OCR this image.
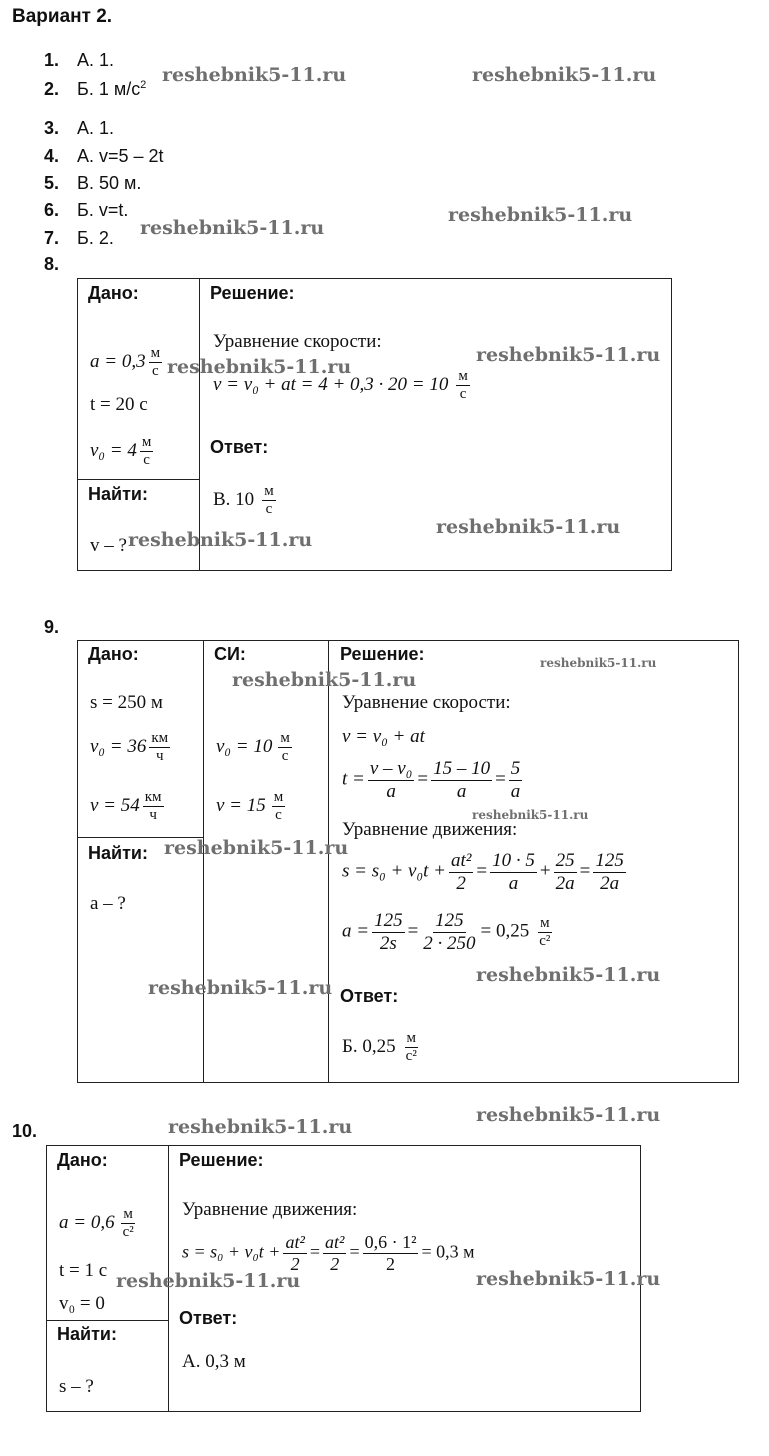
Вариант 2.
1. А. 1.
2. Б. 1 $м/с^2$
3. А. 1.
4. А. v=5 – 2t
5. В. 50 м.
6. Б. v=t.
7. Б. 2.
8.
Дано:
$a = 0,3 \frac{м}{c}$
t = 20 c
$v_0 = 4 \frac{м}{c}$
Найти:
v – ?
Решение:
Уравнение скорости:
v = v₀ + at = $4 + 0,3 \cdot 20 = 10 \frac{м}{c}$
Ответ:
В. $10 \frac{м}{c}$
9.
Дано:
s = 250 м
$v_0 = 36 \frac{км}{ч}$
$v = 54 \frac{км}{ч}$
Найти:
a – ?
СИ:
$v_0 = 10 \frac{м}{c}$
$v = 15 \frac{м}{c}$
Решение:
Уравнение скорости:
v = v₀ + at
$t = \frac{\text{v – v₀}}{a} = \frac{15 - 10}{a} = \frac{5}{a}$
Уравнение движения:
$s = s_0 + v_0t + \frac{\text{at²}}{2} = \frac{10 \cdot 5}{a} + \frac{25}{2a} = \frac{125}{2a}$
$a = \frac{125}{2s} = \frac{125}{2 \cdot 250} = 0,25 \frac{м}{\text{c²}}$
Ответ:
Б. $0,25 \frac{м}{\text{c²}}$
10.
Дано:
$a = 0,6 \frac{м}{\text{c²}}$
t = 1 c
v₀ = 0
Найти:
s – ?
Решение:
Уравнение движения:
$s = s_0 + v_0t + \frac{\text{at²}}{2} = \frac{\text{at²}}{2} = \frac{\text{0,6 · 1²}}{2} = 0,3$ м
Ответ:
А. 0,3 м
reshebnik5-11.ru	reshebnik5-11.ru
reshebnik5-11.ru
reshebnik5-11.ru
reshebnik5-11.ru
reshebnik5-11.ru
reshebnik5-11.ru
reshebnik5-11.ru
reshebnik5-11.ru
reshebnik5-11.ru
reshebnik5-11.ru
reshebnik5-11.ru
reshebnik5-11.ru
reshebnik5-11.ru
reshebnik5-11.ru
reshebnik5-11.ru
reshebnik5-11.ru	reshebnik5-11.ru
